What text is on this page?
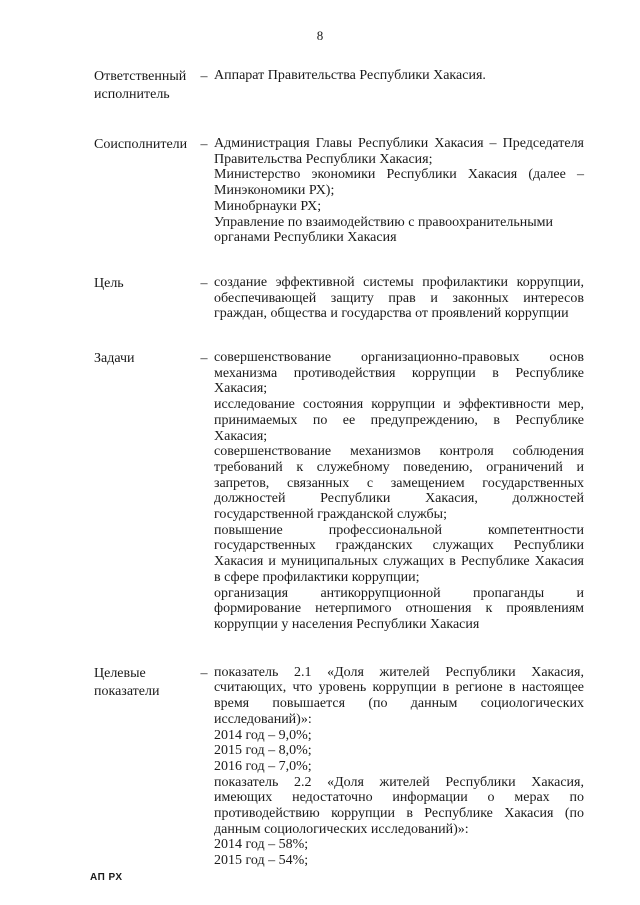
8
Ответственный
исполнитель
– Аппарат Правительства Республики Хакасия.
Соисполнители – Администрация Главы Республики Хакасия – Председателя
Правительства Республики Хакасия;
Министерство экономики Республики Хакасия (далее –
Минэкономики РХ);
Минобрнауки РХ;
Управление по взаимодействию с правоохранительными
органами Республики Хакасия
Цель	– создание эффективной системы профилактики коррупции,
обеспечивающей защиту прав и законных интересов
граждан, общества и государства от проявлений коррупции
Задачи	– совершенствование организационно-правовых основ
механизма противодействия коррупции в Республике
Хакасия;
исследование состояния коррупции и эффективности мер,
принимаемых по ее предупреждению, в Республике
Хакасия;
совершенствование механизмов контроля соблюдения
требований к служебному поведению, ограничений и
запретов, связанных с замещением государственных
должностей Республики Хакасия, должностей
государственной гражданской службы;
повышение профессиональной компетентности
государственных гражданских служащих Республики
Хакасия и муниципальных служащих в Республике Хакасия
в сфере профилактики коррупции;
организация антикоррупционной пропаганды и
формирование нетерпимого отношения к проявлениям
коррупции у населения Республики Хакасия
Целевые
показатели
– показатель 2.1 «Доля жителей Республики Хакасия,
считающих, что уровень коррупции в регионе в настоящее
время повышается (по данным социологических
исследований)»:
2014 год – 9,0%;
2015 год – 8,0%;
2016 год – 7,0%;
показатель 2.2 «Доля жителей Республики Хакасия,
имеющих недостаточно информации о мерах по
противодействию коррупции в Республике Хакасия (по
данным социологических исследований)»:
2014 год – 58%;
2015 год – 54%;
АП РХ
